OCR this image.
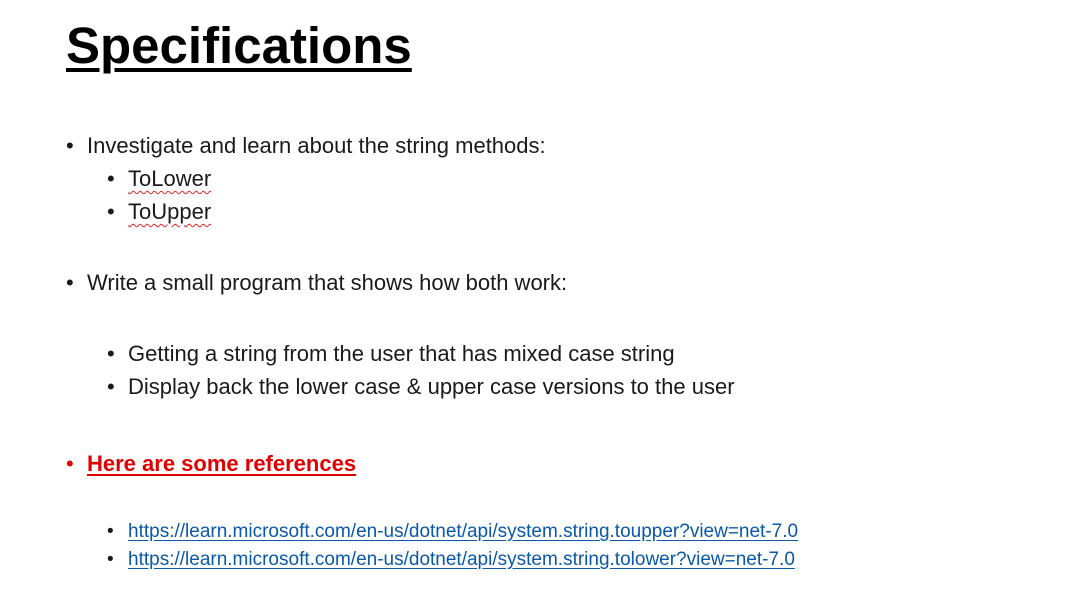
Specifications
• Investigate and learn about the string methods:
• ToLower
• ToUpper
• Write a small program that shows how both work:
• Getting a string from the user that has mixed case string
• Display back the lower case & upper case versions to the user
• Here are some references
• https://learn.microsoft.com/en-us/dotnet/api/system.string.toupper?view=net-7.0
• https://learn.microsoft.com/en-us/dotnet/api/system.string.tolower?view=net-7.0
